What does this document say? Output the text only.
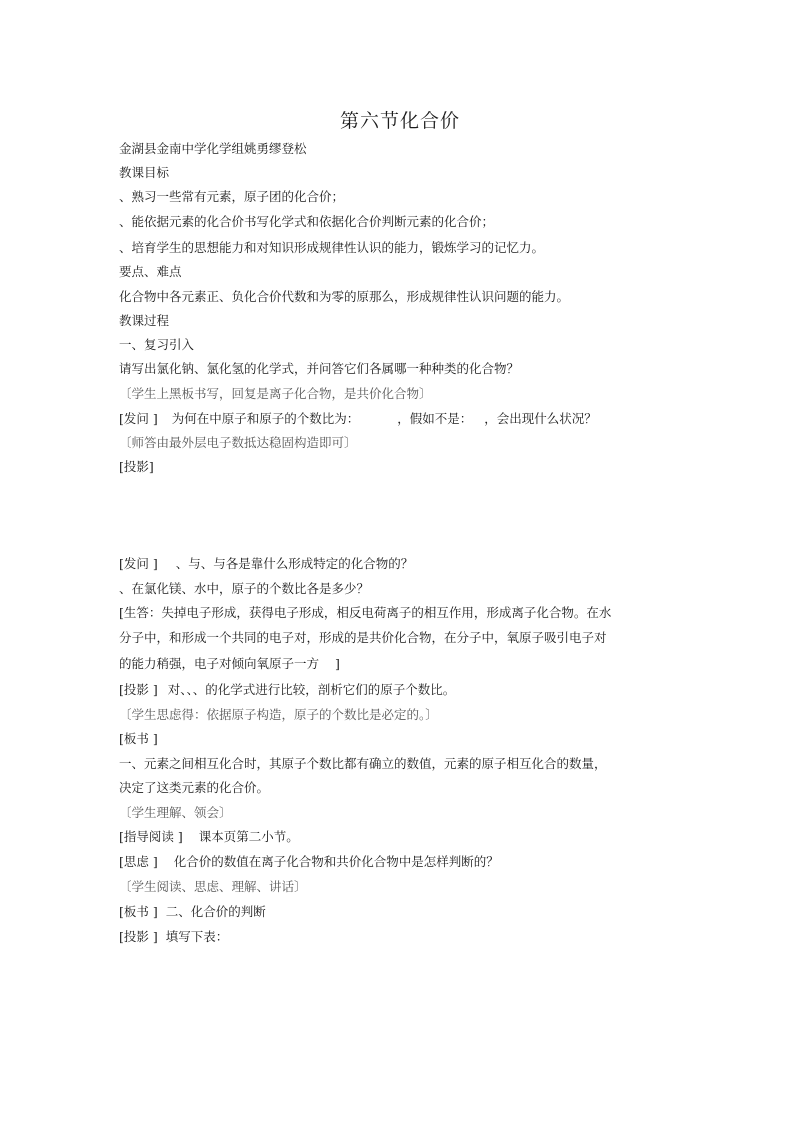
第六节化合价
金湖县金南中学化学组姚勇缪登松
教课目标
、熟习一些常有元素，原子团的化合价；
、能依据元素的化合价书写化学式和依据化合价判断元素的化合价；
、培育学生的思想能力和对知识形成规律性认识的能力，锻炼学习的记忆力。
要点、难点
化合物中各元素正、负化合价代数和为零的原那么，形成规律性认识问题的能力。
教课过程
一、复习引入
请写出氯化钠、氯化氢的化学式，并问答它们各属哪一种种类的化合物？
〔学生上黑板书写，回复是离子化合物，是共价化合物〕
[发问 ] 为何在中原子和原子的个数比为：	，假如不是： ，会出现什么状况？
〔师答由最外层电子数抵达稳固构造即可〕
[投影]
[发问 ] 、与、与各是靠什么形成特定的化合物的？
、在氯化镁、水中，原子的个数比各是多少？
[生答：失掉电子形成，获得电子形成，相反电荷离子的相互作用，形成离子化合物。在水
分子中，和形成一个共同的电子对，形成的是共价化合物，在分子中，氧原子吸引电子对
的能力稍强，电子对倾向氧原子一方 ]
[投影 ] 对、、、的化学式进行比较，剖析它们的原子个数比。
〔学生思虑得：依据原子构造，原子的个数比是必定的。〕
[板书 ]
一、元素之间相互化合时，其原子个数比都有确立的数值，元素的原子相互化合的数量，
决定了这类元素的化合价。
〔学生理解、领会〕
[指导阅读 ] 课本页第二小节。
[思虑 ] 化合价的数值在离子化合物和共价化合物中是怎样判断的？
〔学生阅读、思虑、理解、讲话〕
[板书 ] 二、化合价的判断
[投影 ] 填写下表：
